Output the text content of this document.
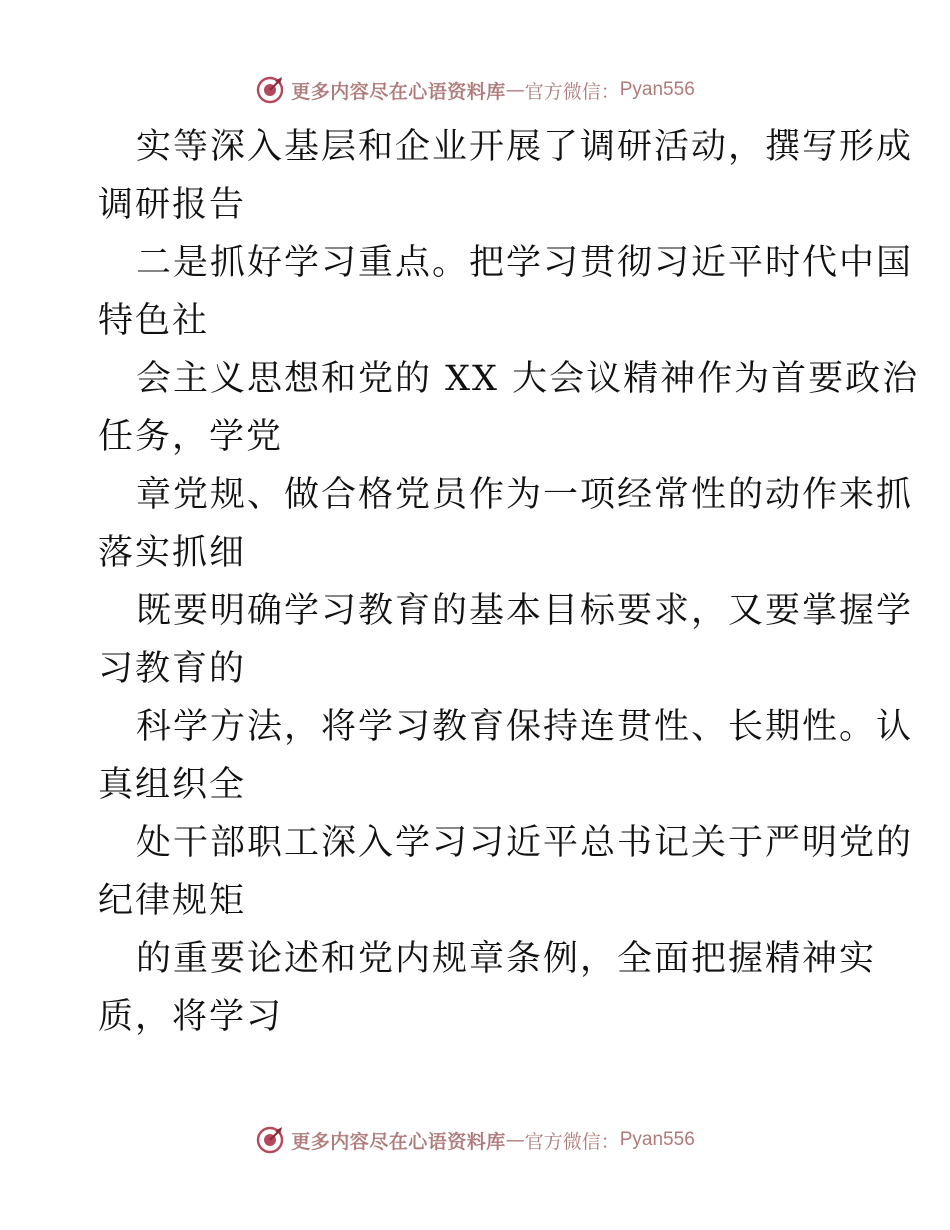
更多内容尽在心语资料库 — 官方微信： Pyan556

实等深入基层和企业开展了调研活动，撰写形成
调研报告

二是抓好学习重点。把学习贯彻习近平时代中国
特色社

会主义思想和党的 XX 大会议精神作为首要政治
任务，学党

章党规、做合格党员作为一项经常性的动作来抓
落实抓细

既要明确学习教育的基本目标要求，又要掌握学
习教育的

科学方法，将学习教育保持连贯性、长期性。认
真组织全

处干部职工深入学习习近平总书记关于严明党的
纪律规矩

的重要论述和党内规章条例，全面把握精神实
质，将学习

更多内容尽在心语资料库 — 官方微信： Pyan556
